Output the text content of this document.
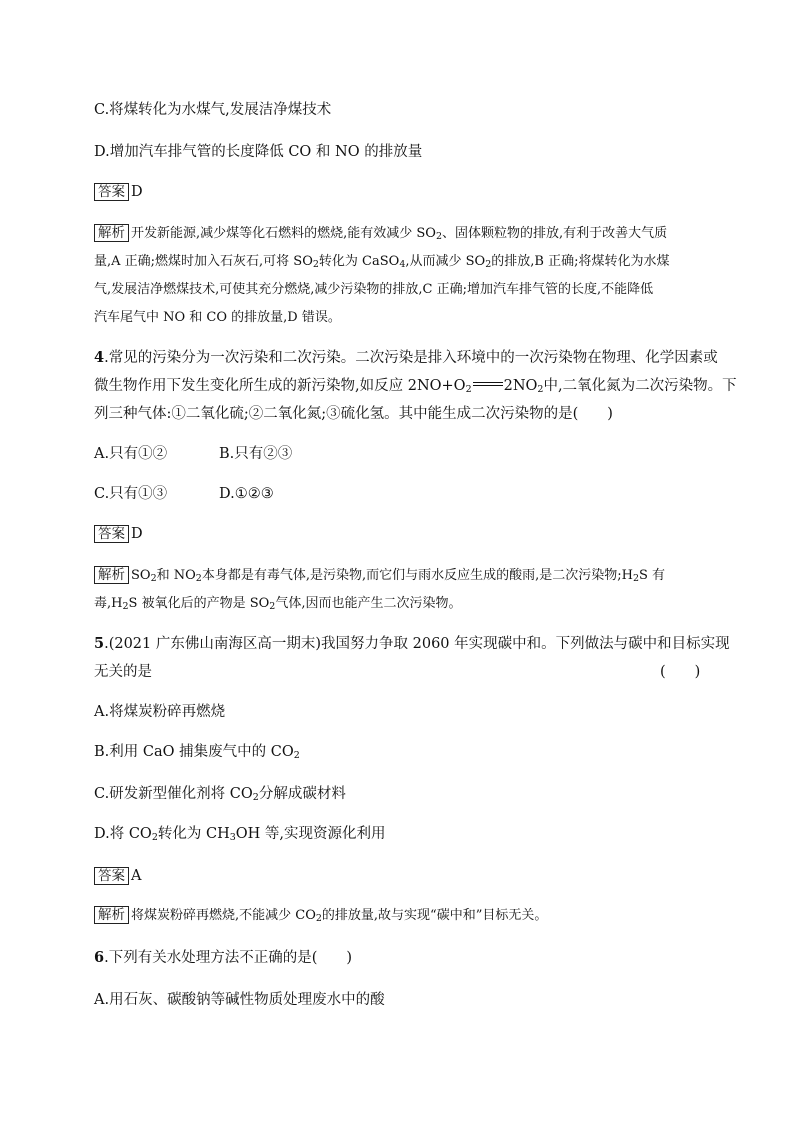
C.将煤转化为水煤气,发展洁净煤技术
D.增加汽车排气管的长度降低 CO 和 NO 的排放量
答案 D
解析 开发新能源,减少煤等化石燃料的燃烧,能有效减少 $SO_2$、固体颗粒物的排放,有利于改善大气质
量,A 正确;燃煤时加入石灰石,可将 $SO_2$转化为 CaSO$_4$,从而减少 $SO_2$的排放,B 正确;将煤转化为水煤
气,发展洁净燃煤技术,可使其充分燃烧,减少污染物的排放,C 正确;增加汽车排气管的长度,不能降低
汽车尾气中 NO 和 CO 的排放量,D 错误。
4.常见的污染分为一次污染和二次污染。二次污染是排入环境中的一次污染物在物理、化学因素或
微生物作用下发生变化所生成的新污染物,如反应 $2NO+O_2$ $2NO_2$中,二氧化氮为二次污染物。下
列三种气体:①二氧化硫;②二氧化氮;③硫化氢。其中能生成二次污染物的是(　　)
A.只有①②	B.只有②③
C.只有①③	D.①②③
答案 D
解析 $SO_2$和 $NO_2$本身都是有毒气体,是污染物,而它们与雨水反应生成的酸雨,是二次污染物$;H_2S$ 有
毒$,H_2S$ 被氧化后的产物是 $SO_2$气体,因而也能产生二次污染物。
5.(2021 广东佛山南海区高一期末)我国努力争取 2060 年实现碳中和。下列做法与碳中和目标实现
无关的是	(　　)
A.将煤炭粉碎再燃烧
B.利用 CaO 捕集废气中的 $CO_2$
C.研发新型催化剂将 $CO_2$分解成碳材料
D.将 $CO_2$转化为 $CH_3OH$ 等,实现资源化利用
答案 A
解析 将煤炭粉碎再燃烧,不能减少 $CO_2$的排放量,故与实现“碳中和”目标无关。
6.下列有关水处理方法不正确的是(　　)
A.用石灰、碳酸钠等碱性物质处理废水中的酸
